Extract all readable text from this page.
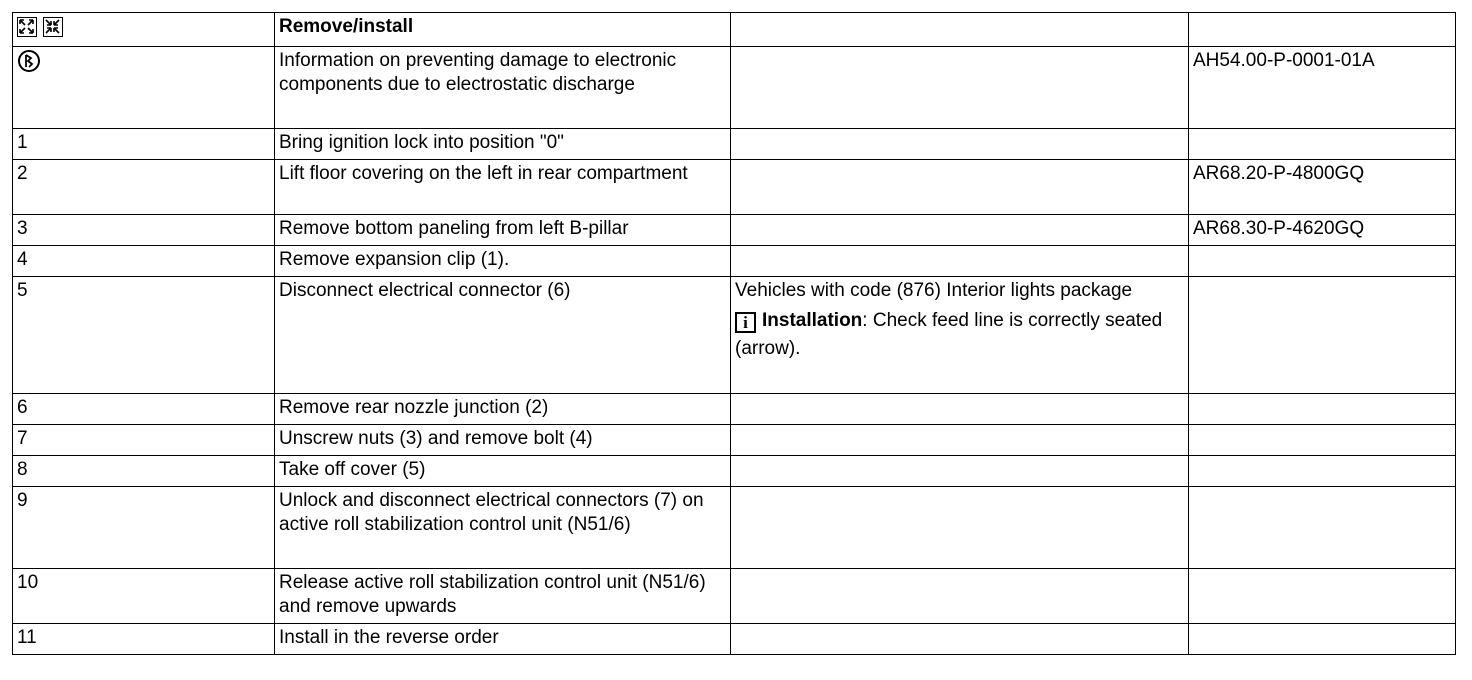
	Remove/install		
	Information on preventing damage to electronic components due to electrostatic discharge		AH54.00-P-0001-01A
1	Bring ignition lock into position "0"		
2	Lift floor covering on the left in rear compartment		AR68.20-P-4800GQ
3	Remove bottom paneling from left B-pillar		AR68.30-P-4620GQ
4	Remove expansion clip (1).		
5	Disconnect electrical connector (6)	Vehicles with code (876) Interior lights package
i Installation: Check feed line is correctly seated (arrow).	

6	Remove rear nozzle junction (2)		
7	Unscrew nuts (3) and remove bolt (4)		
8	Take off cover (5)		
9	Unlock and disconnect electrical connectors (7) on active roll stabilization control unit (N51/6)		
10	Release active roll stabilization control unit (N51/6) and remove upwards		
11	Install in the reverse order		
